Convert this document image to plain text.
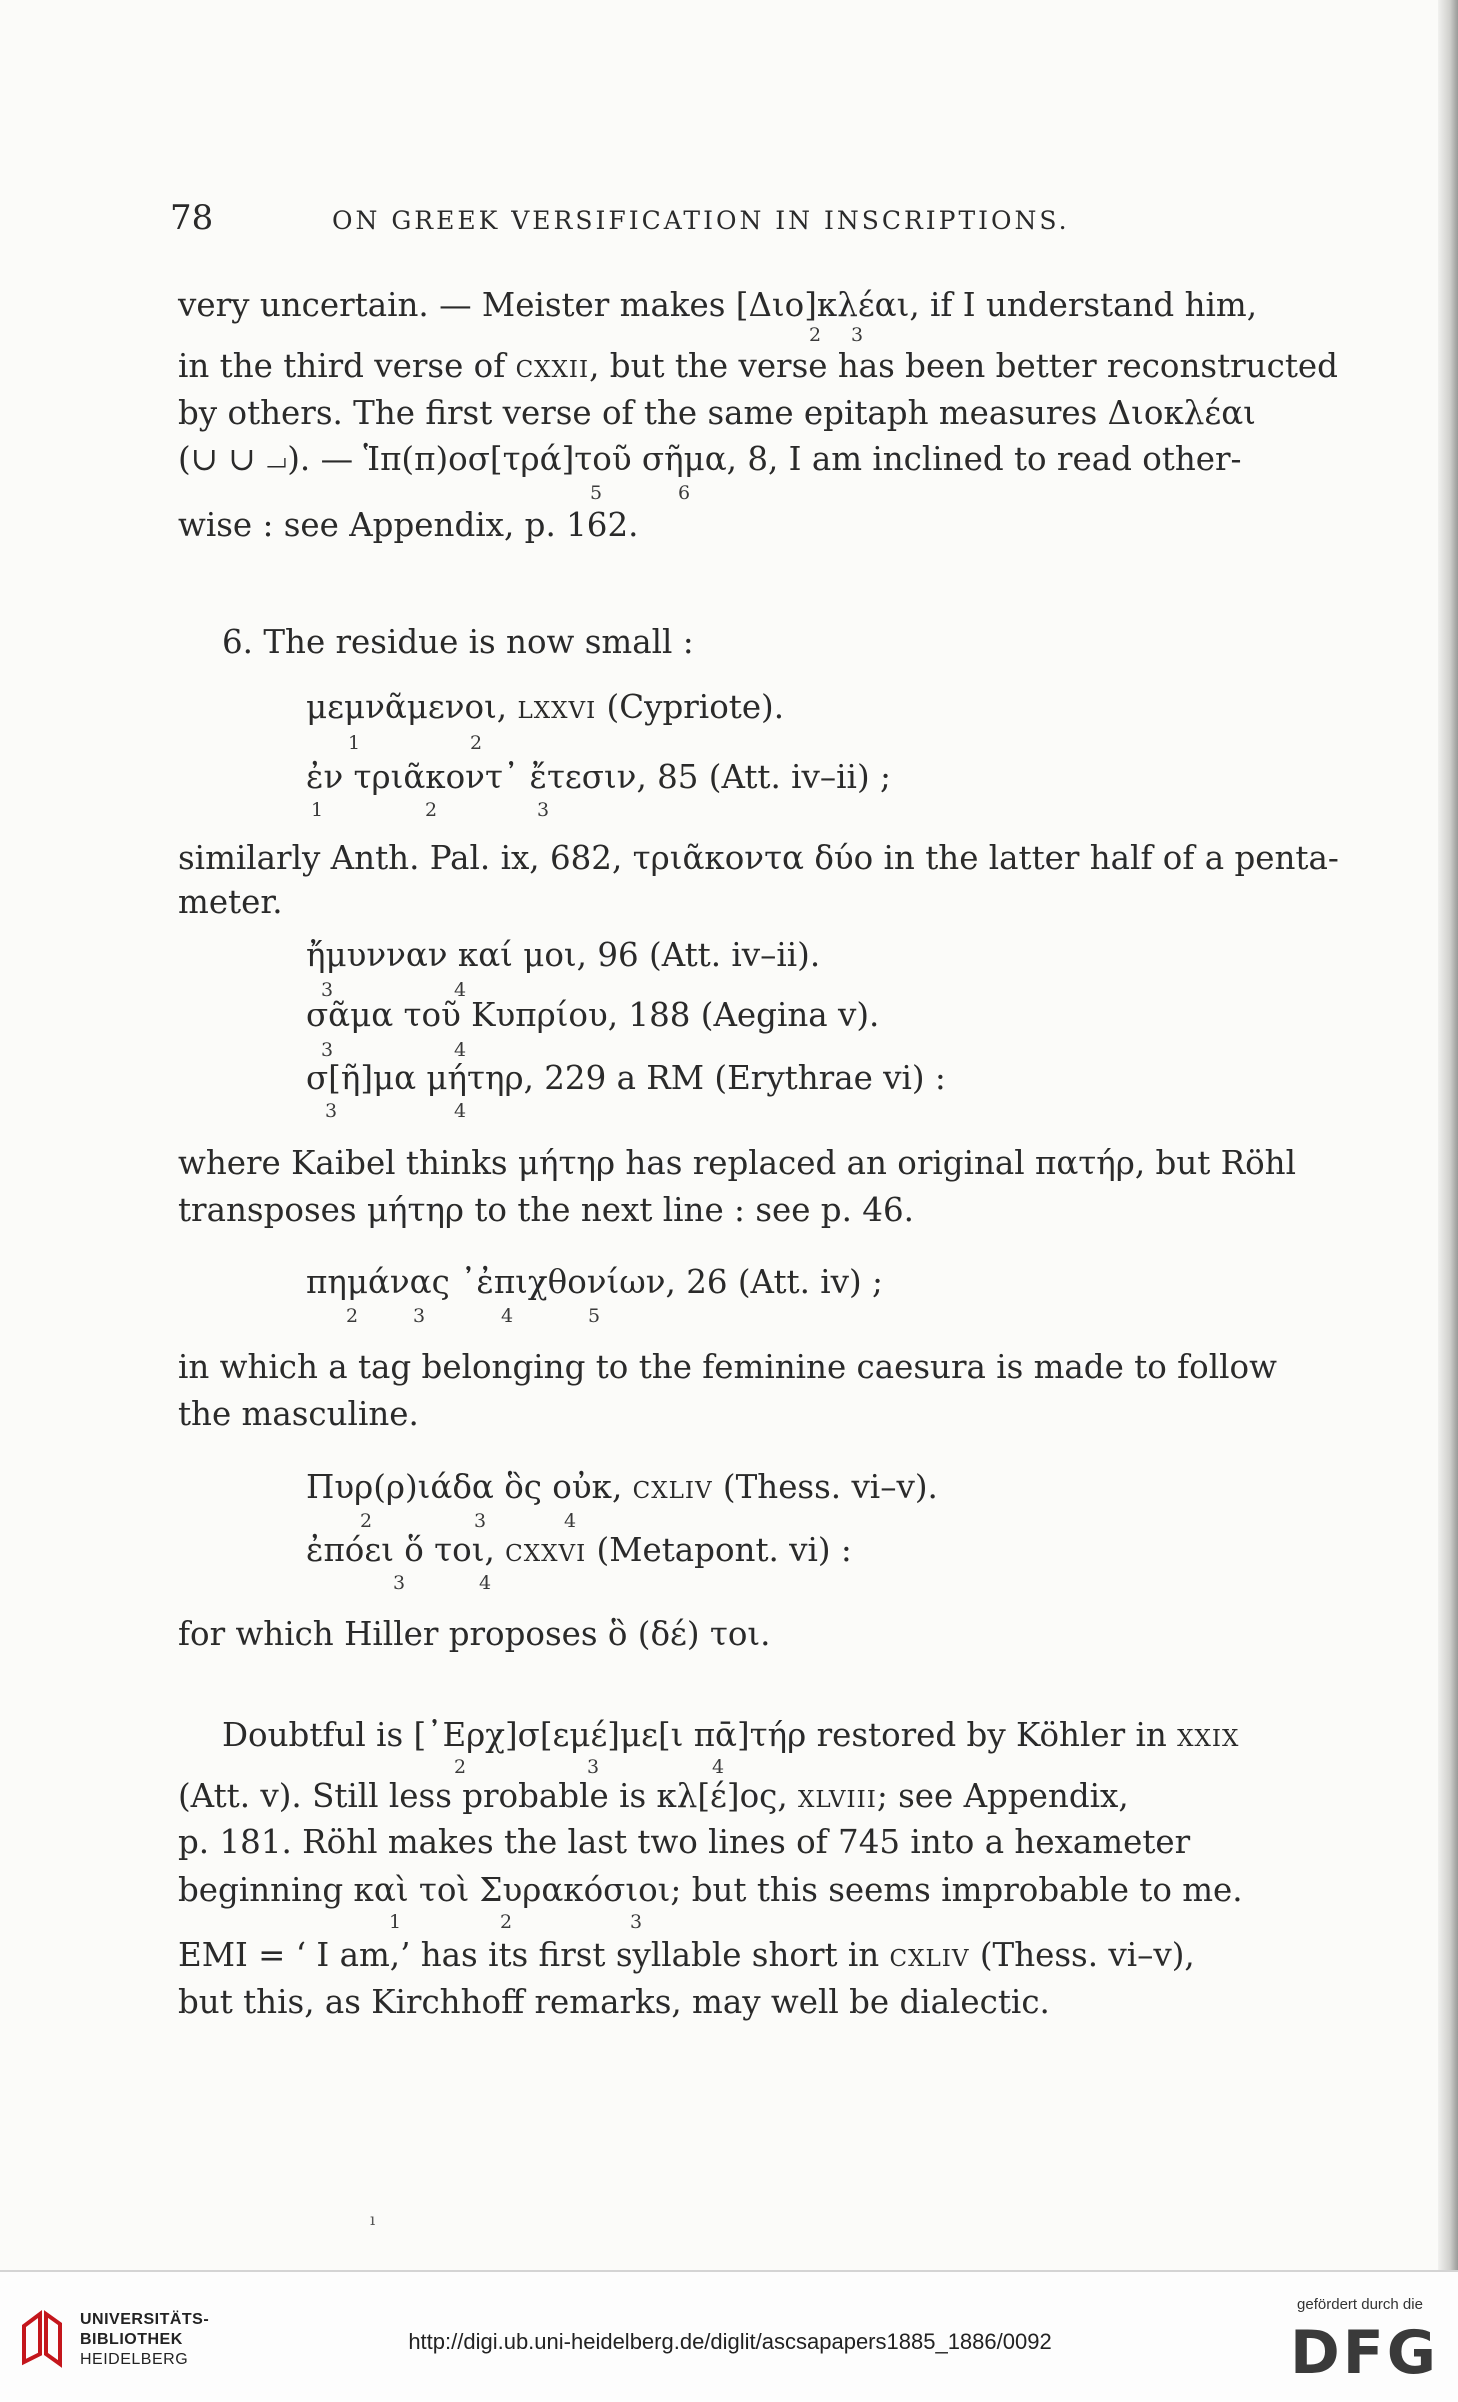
78	ON GREEK VERSIFICATION IN INSCRIPTIONS.
very uncertain. — Meister makes [Διο]κλέαι, if I understand him,
2 3
in the third verse of cxxii, but the verse has been better reconstructed
by others. The first verse of the same epitaph measures Διοκλέαι
(∪ ∪ ⏗). — Ἱπ(π)οσ[τρά]τοῦ σῆμα, 8, I am inclined to read other-
5	6
wise : see Appendix, p. 162.
6. The residue is now small :
μεμνᾶμενοι, lxxvi (Cypriote).
1	2
ἐν τριᾶκοντ᾽ ἔτεσιν, 85 (Att. iv–ii) ;
1	2	3
similarly Anth. Pal. ix, 682, τριᾶκοντα δύο in the latter half of a penta-
meter.
ἤμυνναν καί μοι, 96 (Att. iv–ii).
3	4
σᾶμα τοῦ Κυπρίου, 188 (Aegina v).
3	4
σ[ῆ]μα μήτηρ, 229 a RM (Erythrae vi) :
3	4
where Kaibel thinks μήτηρ has replaced an original πατήρ, but Röhl
transposes μήτηρ to the next line : see p. 46.
πημάνας ᾽ἐπιχθονίων, 26 (Att. iv) ;
2	3	4	5
in which a tag belonging to the feminine caesura is made to follow
the masculine.
Πυρ(ρ)ιάδα ὃς οὐκ, cxliv (Thess. vi–v).
2	3	4
ἐπόει ὅ τοι, cxxvi (Metapont. vi) :
3	4
for which Hiller proposes ὃ (δέ) τοι.
Doubtful is [᾽Ερχ]σ[εμέ]με[ι πᾱ]τήρ restored by Köhler in xxix
2	3	4
(Att. v). Still less probable is κλ[έ]ος, xlviii; see Appendix,
p. 181. Röhl makes the last two lines of 745 into a hexameter
beginning καὶ τοὶ Συρακόσιοι; but this seems improbable to me.
1	2	3
EMI = ‘ I am,’ has its first syllable short in cxliv (Thess. vi–v),
but this, as Kirchhoff remarks, may well be dialectic.
ı
UNIVERSITÄTS-
BIBLIOTHEK
HEIDELBERG
http://digi.ub.uni-heidelberg.de/diglit/ascsapapers1885_1886/0092
gefördert durch die
DFG
